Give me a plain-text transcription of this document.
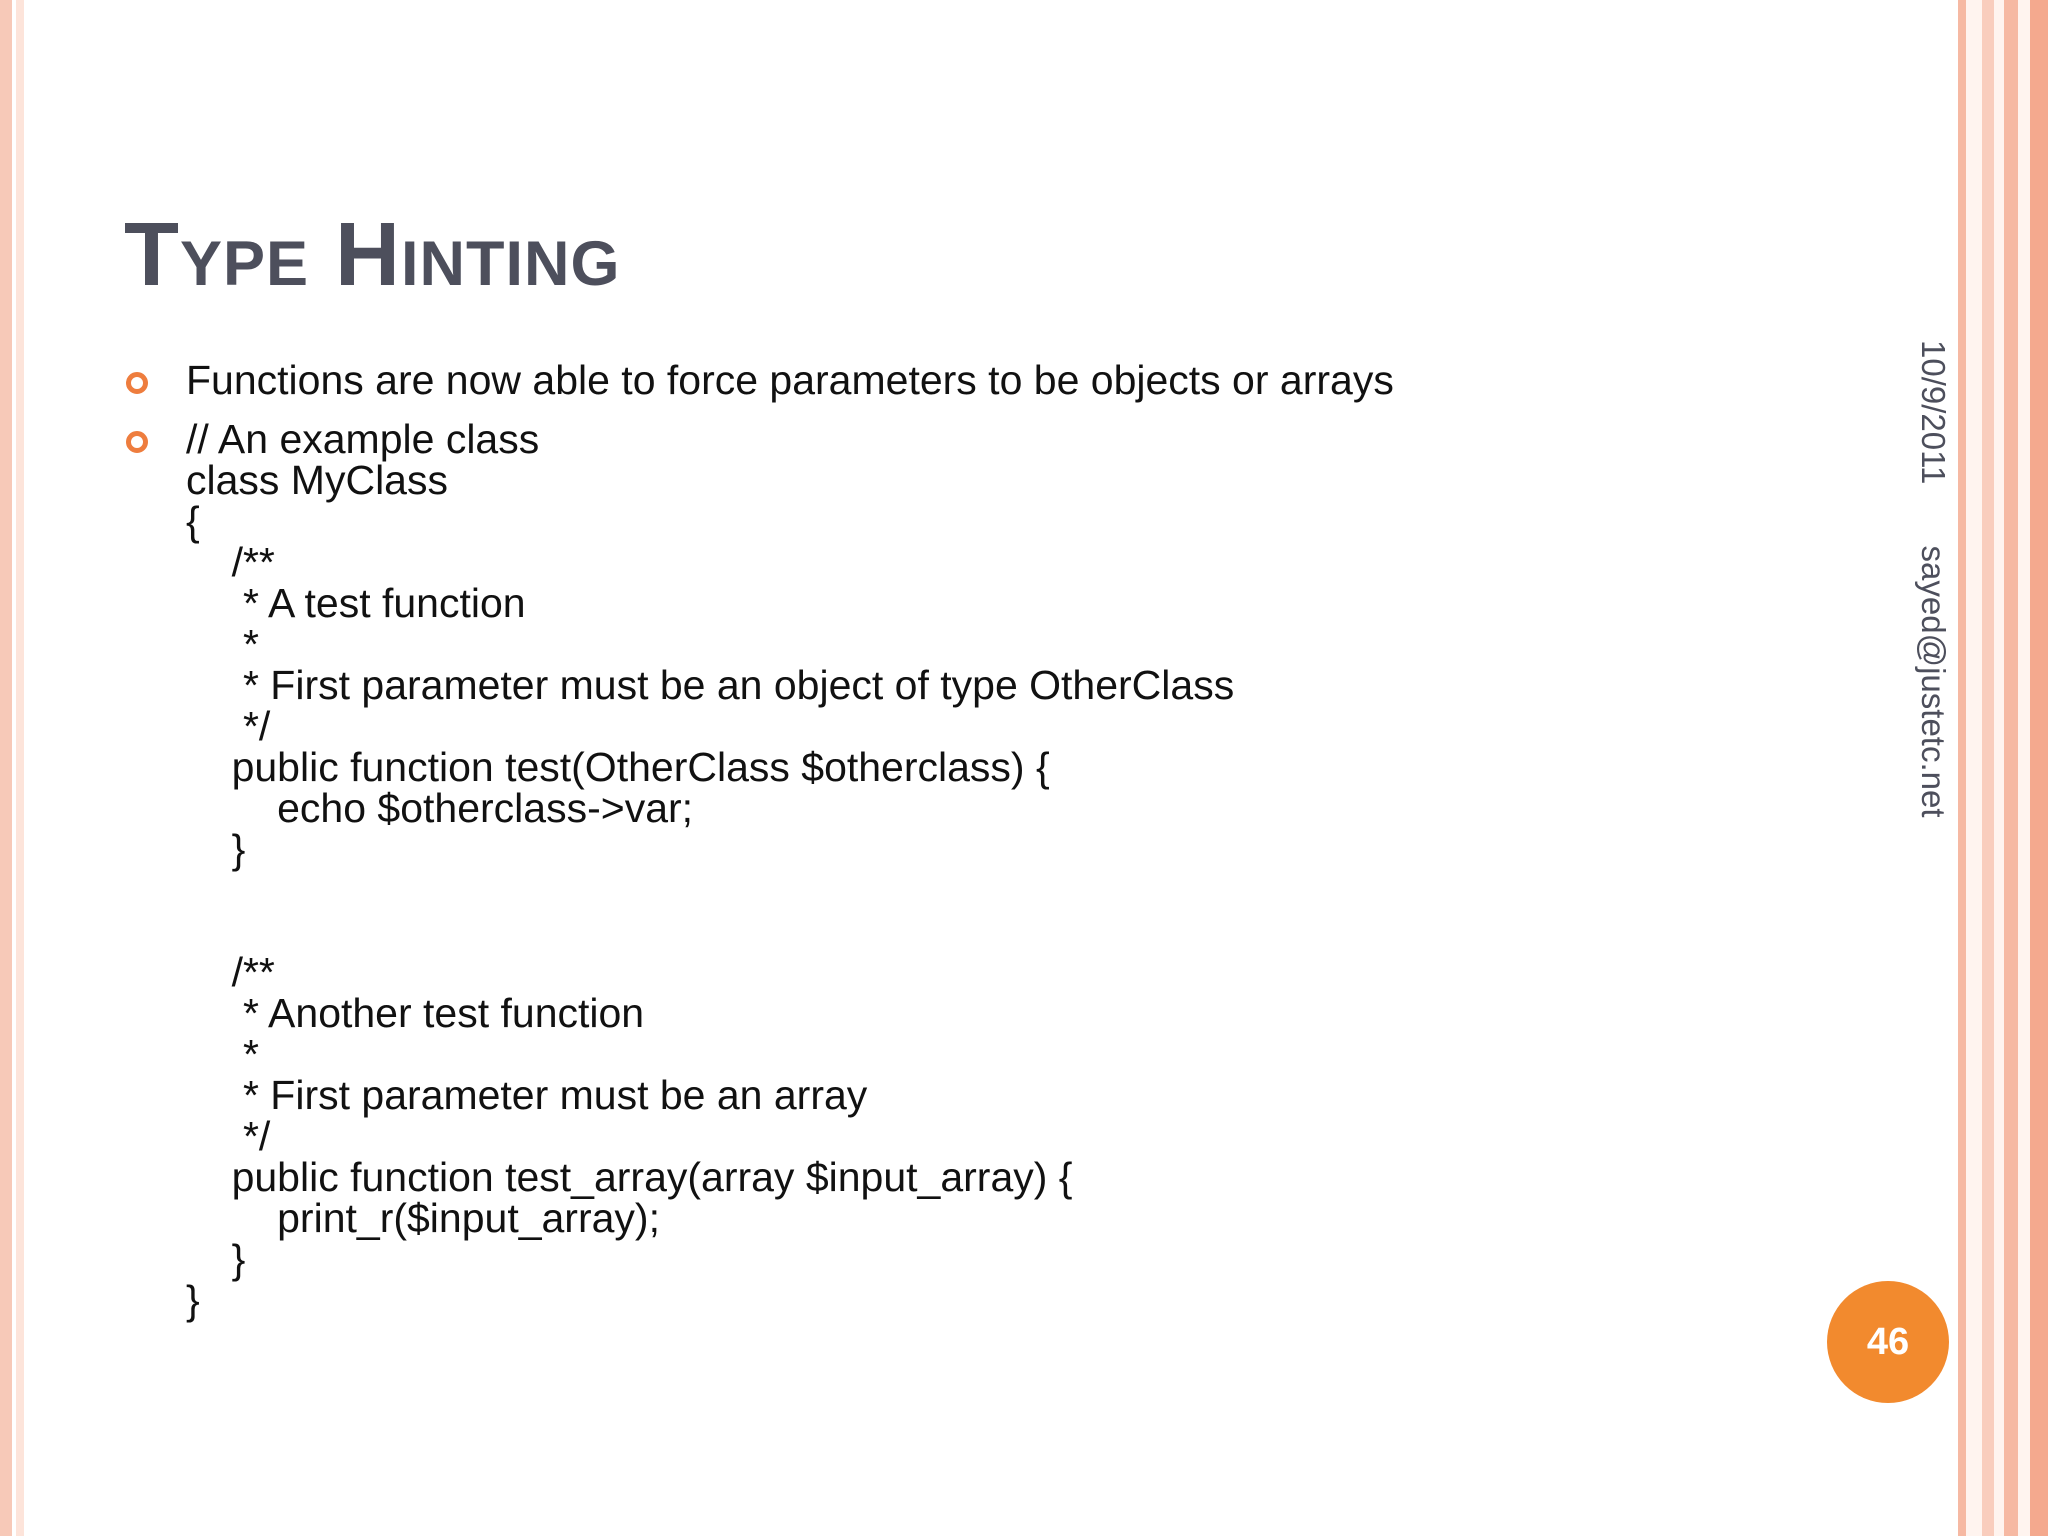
Type Hinting
Functions are now able to force parameters to be objects or arrays
// An example class
class MyClass
{
/**
* A test function
*
* First parameter must be an object of type OtherClass
*/
public function test(OtherClass $otherclass) {
echo $otherclass->var;
}
/**
* Another test function
*
* First parameter must be an array
*/
public function test_array(array $input_array) {
print_r($input_array);
}
}
10/9/2011 sayed@justetc.net
46
